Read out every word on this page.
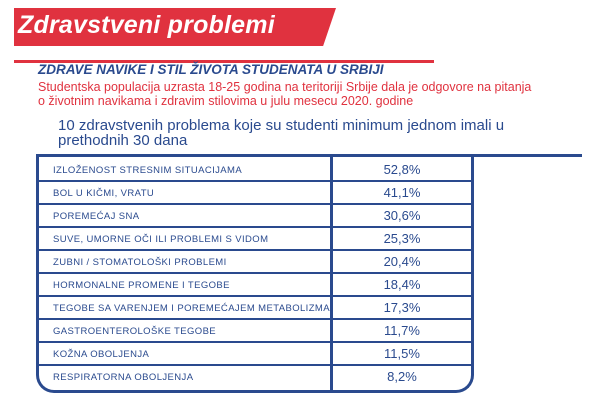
Zdravstveni problemi
ZDRAVE NAVIKE I STIL ŽIVOTA STUDENATA U SRBIJI
Studentska populacija uzrasta 18-25 godina na teritoriji Srbije dala je odgovore na pitanja o životnim navikama i zdravim stilovima u julu mesecu 2020. godine
10 zdravstvenih problema koje su studenti minimum jednom imali u prethodnih 30 dana
IZLOŽENOST STRESNIM SITUACIJAMA	52,8%
BOL U KIČMI, VRATU	41,1%
POREMEĆAJ SNA	30,6%
SUVE, UMORNE OČI ILI PROBLEMI S VIDOM	25,3%
ZUBNI / STOMATOLOŠKI PROBLEMI	20,4%
HORMONALNE PROMENE I TEGOBE	18,4%
TEGOBE SA VARENJEM I POREMEĆAJEM METABOLIZMA	17,3%
GASTROENTEROLOŠKE TEGOBE	11,7%
KOŽNA OBOLJENJA	11,5%
RESPIRATORNA OBOLJENJA	8,2%
